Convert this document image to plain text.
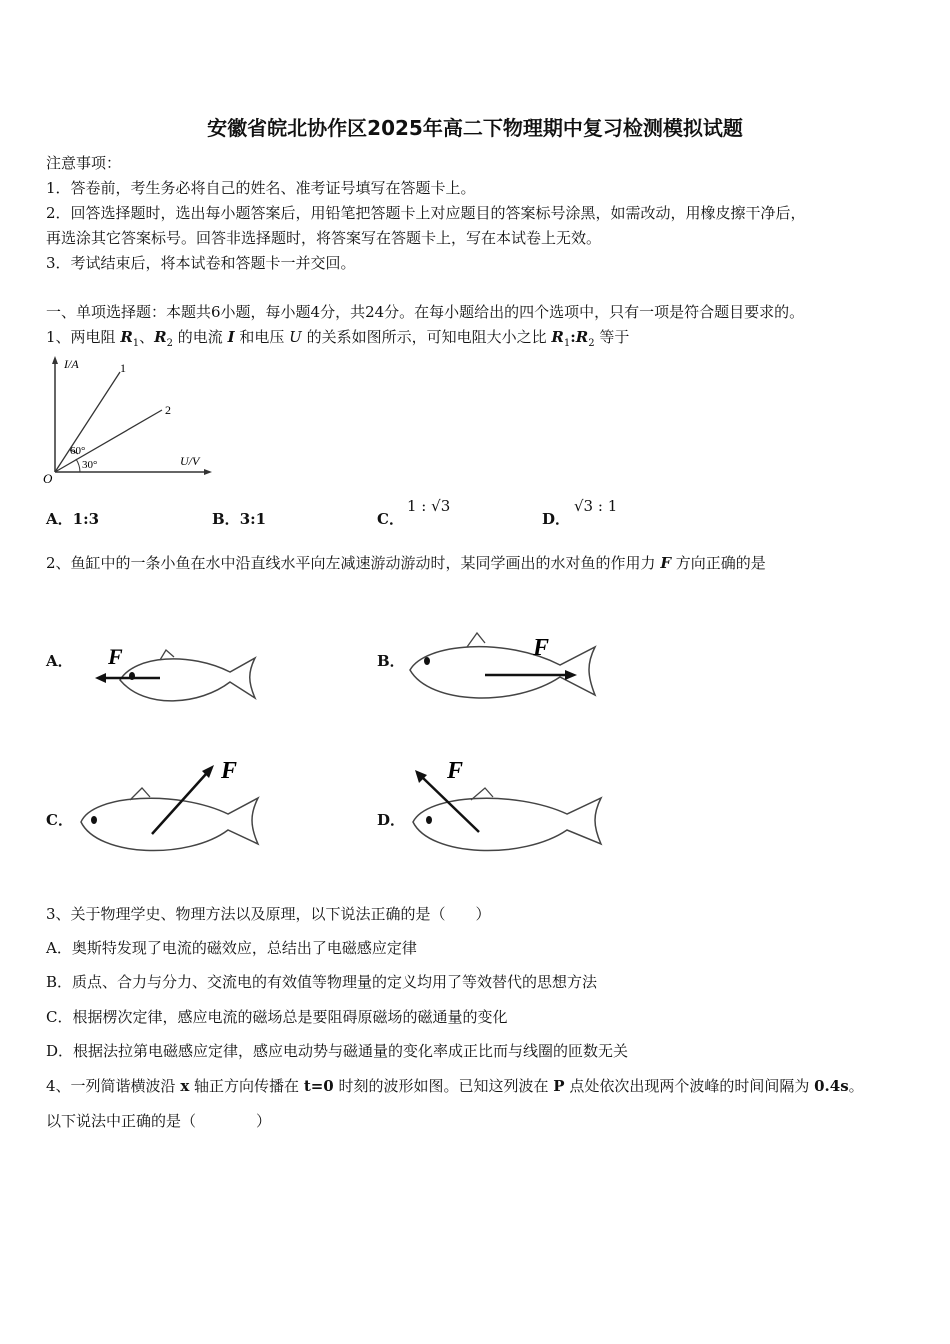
安徽省皖北协作区2025年高二下物理期中复习检测模拟试题
注意事项：
1．答卷前，考生务必将自己的姓名、准考证号填写在答题卡上。
2．回答选择题时，选出每小题答案后，用铅笔把答题卡上对应题目的答案标号涂黑，如需改动，用橡皮擦干净后，
再选涂其它答案标号。回答非选择题时，将答案写在答题卡上，写在本试卷上无效。
3．考试结束后，将本试卷和答题卡一并交回。
一、单项选择题：本题共6小题，每小题4分，共24分。在每小题给出的四个选项中，只有一项是符合题目要求的。
1、两电阻 $R_1$、$R_2$ 的电流 I 和电压 U 的关系如图所示，可知电阻大小之比 $R_1:R_2$ 等于
I/A
U/V
O
1
2
60°
30°
A．1:3	B．3:1	C．
1 : √3
D．
√3 : 1
2、鱼缸中的一条小鱼在水中沿直线水平向左减速游动游动时，某同学画出的水对鱼的作用力 F 方向正确的是
A． F	B．	F
C．
F
D．
F
3、关于物理学史、物理方法以及原理，以下说法正确的是（　　）
A．奥斯特发现了电流的磁效应，总结出了电磁感应定律
B．质点、合力与分力、交流电的有效值等物理量的定义均用了等效替代的思想方法
C．根据楞次定律，感应电流的磁场总是要阻碍原磁场的磁通量的变化
D．根据法拉第电磁感应定律，感应电动势与磁通量的变化率成正比而与线圈的匝数无关
4、一列简谐横波沿 x 轴正方向传播在 t=0 时刻的波形如图。已知这列波在 P 点处依次出现两个波峰的时间间隔为 0.4s。
以下说法中正确的是（　　　　）
